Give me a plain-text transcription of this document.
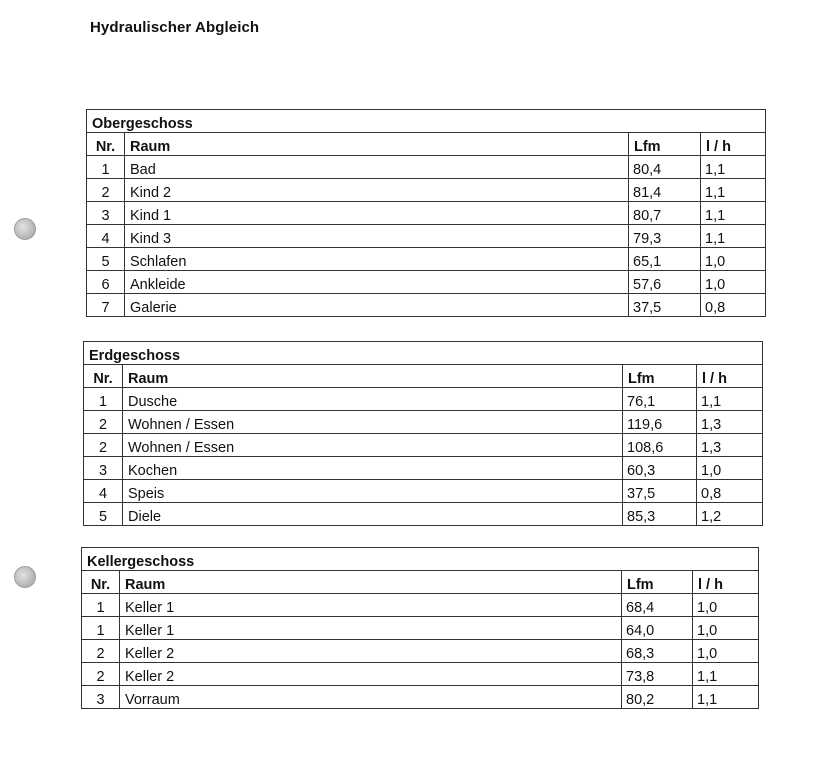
Hydraulischer Abgleich
Obergeschoss			
Nr.	Raum	Lfm	l / h
1	Bad	80,4	1,1
2	Kind 2	81,4	1,1
3	Kind 1	80,7	1,1
4	Kind 3	79,3	1,1
5	Schlafen	65,1	1,0
6	Ankleide	57,6	1,0
7	Galerie	37,5	0,8
Erdgeschoss			
Nr.	Raum	Lfm	l / h
1	Dusche	76,1	1,1
2	Wohnen / Essen	119,6	1,3
2	Wohnen / Essen	108,6	1,3
3	Kochen	60,3	1,0
4	Speis	37,5	0,8
5	Diele	85,3	1,2
Kellergeschoss			
Nr.	Raum	Lfm	l / h
1	Keller 1	68,4	1,0
1	Keller 1	64,0	1,0
2	Keller 2	68,3	1,0
2	Keller 2	73,8	1,1
3	Vorraum	80,2	1,1
